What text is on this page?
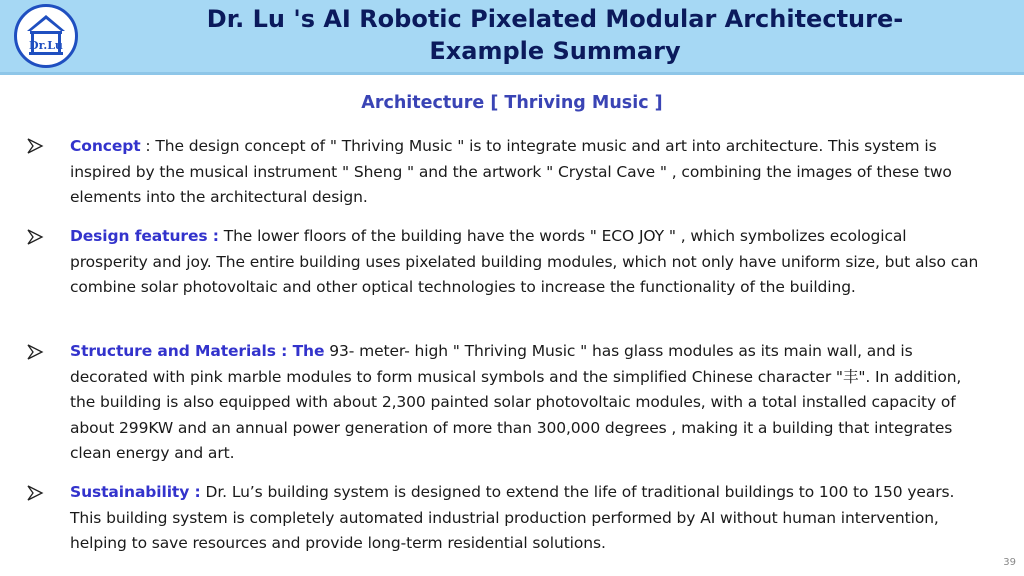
Dr.Lu
Dr. Lu 's AI Robotic Pixelated Modular Architecture-
Example Summary
Architecture [ Thriving Music ]
Concept : The design concept of " Thriving Music " is to integrate music and art into architecture. This system is inspired by the musical instrument " Sheng " and the artwork " Crystal Cave " , combining the images of these two elements into the architectural design.
Design features : The lower floors of the building have the words " ECO JOY " , which symbolizes ecological prosperity and joy. The entire building uses pixelated building modules, which not only have uniform size, but also can combine solar photovoltaic and other optical technologies to increase the functionality of the building.
Structure and Materials : The 93- meter- high " Thriving Music " has glass modules as its main wall, and is decorated with pink marble modules to form musical symbols and the simplified Chinese character "丰". In addition, the building is also equipped with about 2,300 painted solar photovoltaic modules, with a total installed capacity of about 299KW and an annual power generation of more than 300,000 degrees , making it a building that integrates clean energy and art.
Sustainability : Dr. Lu’s building system is designed to extend the life of traditional buildings to 100 to 150 years. This building system is completely automated industrial production performed by AI without human intervention, helping to save resources and provide long-term residential solutions.
39
